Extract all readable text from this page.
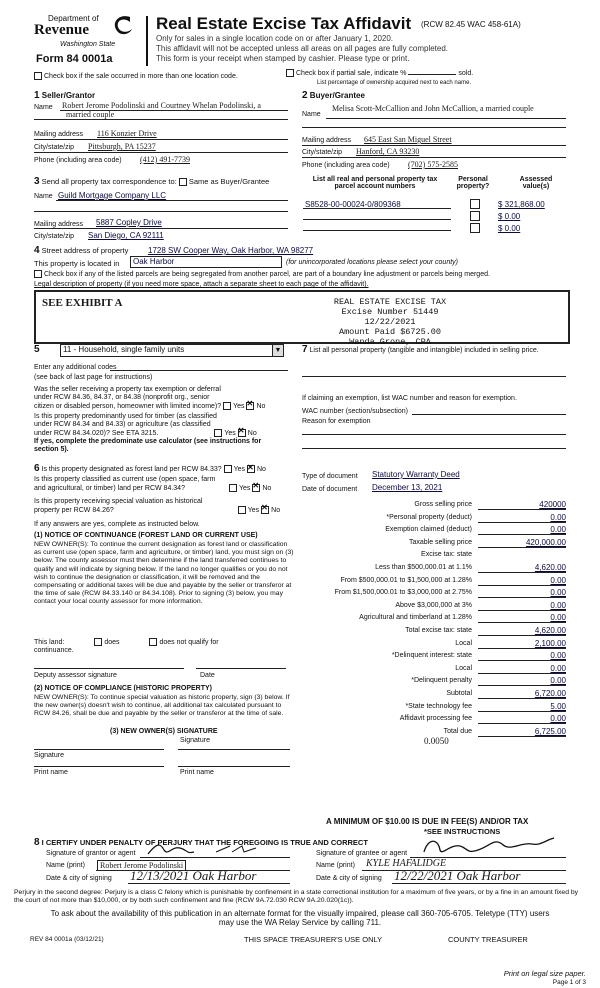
Department of
Revenue
Washington State
Form 84 0001a
Real Estate Excise Tax Affidavit (RCW 82.45 WAC 458-61A)
Only for sales in a single location code on or after January 1, 2020.
This affidavit will not be accepted unless all areas on all pages are fully completed.
This form is your receipt when stamped by cashier. Please type or print.
Check box if the sale occurred in more than one location code.	Check box if partial sale, indicate %	sold.
List percentage of ownership acquired next to each name.
1 Seller/Grantor
Name Robert Jerome Podolinski and Courtney Whelan Podolinski, a
married couple
Mailing address 116 Konzier Drive
City/state/zip Pittsburgh, PA 15237
Phone (including area code) (412) 491-7739
2 Buyer/Grantee
Name
Melisa Scott-McCallion and John McCallion, a married couple
Mailing address 645 East San Miguel Street
City/state/zip Hanford, CA 93230
Phone (including area code) (702) 575-2585
3 Send all property tax correspondence to: Same as Buyer/Grantee
Name Guild Mortgage Company LLC
Mailing address 5887 Copley Drive
City/state/zip San Diego, CA 92111
List all real and personal property tax parcel account numbers
Personal property?
Assessed value(s)
S8528-00-00024-0/809368	$ 321,868.00
$ 0.00
$ 0.00
4 Street address of property 1728 SW Cooper Way, Oak Harbor, WA 98277
This property is located in	Oak Harbor	(for unincorporated locations please select your county)
Check box if any of the listed parcels are being segregated from another parcel, are part of a boundary line adjustment or parcels being merged.
Legal description of property (if you need more space, attach a separate sheet to each page of the affidavit).
SEE EXHIBIT A	REAL ESTATE EXCISE TAX
Excise Number 51449
12/22/2021
Amount Paid $6725.00
Wanda Grone, CPA
5	11 - Household, single family units	▼
Enter any additional codes
(see back of last page for instructions)
Was the seller receiving a property tax exemption or deferral
under RCW 84.36, 84.37, or 84.38 (nonprofit org., senior
citizen or disabled person, homeowner with limited income)? Yes ✕ No
Is this property predominantly used for timber (as classified
under RCW 84.34 and 84.33) or agriculture (as classified
under RCW 84.34.020)? See ETA 3215.	Yes ✕ No
If yes, complete the predominate use calculator (see instructions for section 5).
7 List all personal property (tangible and intangible) included in selling price.
If claiming an exemption, list WAC number and reason for exemption.
WAC number (section/subsection)
Reason for exemption
6 Is this property designated as forest land per RCW 84.33? Yes ✕ No
Is this property classified as current use (open space, farm
and agricultural, or timber) land per RCW 84.34?	Yes ✕ No
Is this property receiving special valuation as historical
property per RCW 84.26?	Yes ✕ No
If any answers are yes, complete as instructed below.
(1) NOTICE OF CONTINUANCE (FOREST LAND OR CURRENT USE)
NEW OWNER(S): To continue the current designation as forest land or classification as current use (open space, farm and agriculture, or timber) land, you must sign on (3) below. The county assessor must then determine if the land transferred continues to qualify and will indicate by signing below. If the land no longer qualifies or you do not wish to continue the designation or classification, it will be removed and the compensating or additional taxes will be due and payable by the seller or transferor at the time of sale (RCW 84.33.140 or 84.34.108). Prior to signing (3) below, you may contact your local county assessor for more information.
This land:	does	does not qualify for
continuance.
Deputy assessor signature	Date
(2) NOTICE OF COMPLIANCE (HISTORIC PROPERTY)
NEW OWNER(S): To continue special valuation as historic property, sign (3) below. If the new owner(s) doesn't wish to continue, all additional tax calculated pursuant to RCW 84.26, shall be due and payable by the seller or transferor at the time of sale.
(3) NEW OWNER(S) SIGNATURE
Signature
Signature
Print name	Print name
Type of document Statutory Warranty Deed
Date of document December 13, 2021
Gross selling price	420000
*Personal property (deduct)	0.00
Exemption claimed (deduct)	0.00
Taxable selling price	420,000.00
Excise tax: state
Less than $500,000.01 at 1.1%	4,620.00
From $500,000.01 to $1,500,000 at 1.28%	0.00
From $1,500,000.01 to $3,000,000 at 2.75%	0.00
Above $3,000,000 at 3%	0.00
Agricultural and timberland at 1.28%	0.00
Total excise tax: state	4,620.00
Local	2,100.00
*Delinquent interest: state	0.00
Local	0.00
*Delinquent penalty	0.00
Subtotal	6,720.00
*State technology fee	5.00
Affidavit processing fee	0.00
Total due	6,725.00
0.0050
A MINIMUM OF $10.00 IS DUE IN FEE(S) AND/OR TAX
*SEE INSTRUCTIONS
8 I CERTIFY UNDER PENALTY OF PERJURY THAT THE FOREGOING IS TRUE AND CORRECT
Signature of grantor or agent
Name (print)	Robert Jerome Podolinski
Date & city of signing 12/13/2021 Oak Harbor
Signature of grantee or agent
Name (print) KYLE HAFALIDGE
Date & city of signing 12/22/2021 Oak Harbor
Perjury in the second degree: Perjury is a class C felony which is punishable by confinement in a state correctional institution for a maximum of five years, or by a fine in an amount fixed by the court of not more than $10,000, or by both such confinement and fine (RCW 9A.72.030 RCW 9A.20.020(1c)).
To ask about the availability of this publication in an alternate format for the visually impaired, please call 360-705-6705. Teletype (TTY) users may use the WA Relay Service by calling 711.
REV 84 0001a (03/12/21)	THIS SPACE TREASURER'S USE ONLY	COUNTY TREASURER
Print on legal size paper.
Page 1 of 3
